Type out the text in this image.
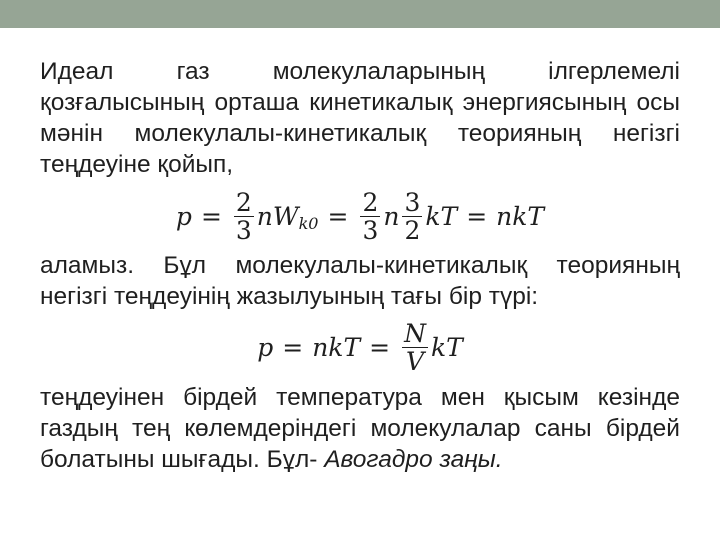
Идеал газ молекулаларының ілгерлемелі қозғалысының орташа кинетикалық энергиясының осы мәнін молекулалы-кинетикалық теорияның негізгі теңдеуіне қойып,
$p = \frac{2}{3}$ n W $k0 = \frac{2}{3}$ n $\frac{3}{2}$ kT = nkT
аламыз. Бұл молекулалы-кинетикалық теорияның негізгі теңдеуінің жазылуының тағы бір түрі:
p = nkT = $\frac{N}{V}$ kT
теңдеуінен бірдей температура мен қысым кезінде газдың тең көлемдеріндегі молекулалар саны бірдей болатыны шығады. Бұл- Авогадро заңы.
